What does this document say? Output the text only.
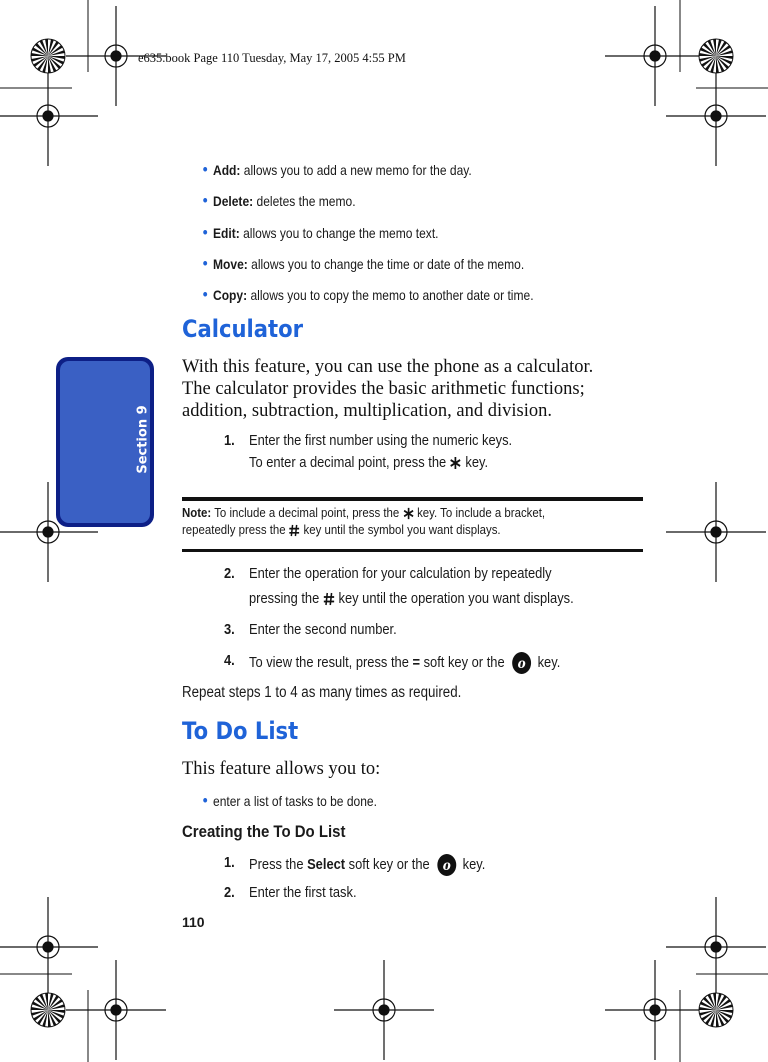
e635.book Page 110 Tuesday, May 17, 2005 4:55 PM
Section 9
• Add: allows you to add a new memo for the day.
• Delete: deletes the memo.
• Edit: allows you to change the memo text.
• Move: allows you to change the time or date of the memo.
• Copy: allows you to copy the memo to another date or time.
Calculator
With this feature, you can use the phone as a calculator.
The calculator provides the basic arithmetic functions;
addition, subtraction, multiplication, and division.
1. Enter the first number using the numeric keys.
To enter a decimal point, press the key.
Note: To include a decimal point, press the key. To include a bracket,
repeatedly press the key until the symbol you want displays.
2. Enter the operation for your calculation by repeatedly
pressing the key until the operation you want displays.
3. Enter the second number.
4. To view the result, press the = soft key or the o key.
Repeat steps 1 to 4 as many times as required.
To Do List
This feature allows you to:
• enter a list of tasks to be done.
Creating the To Do List
1. Press the Select soft key or the o key.
2. Enter the first task.
110
